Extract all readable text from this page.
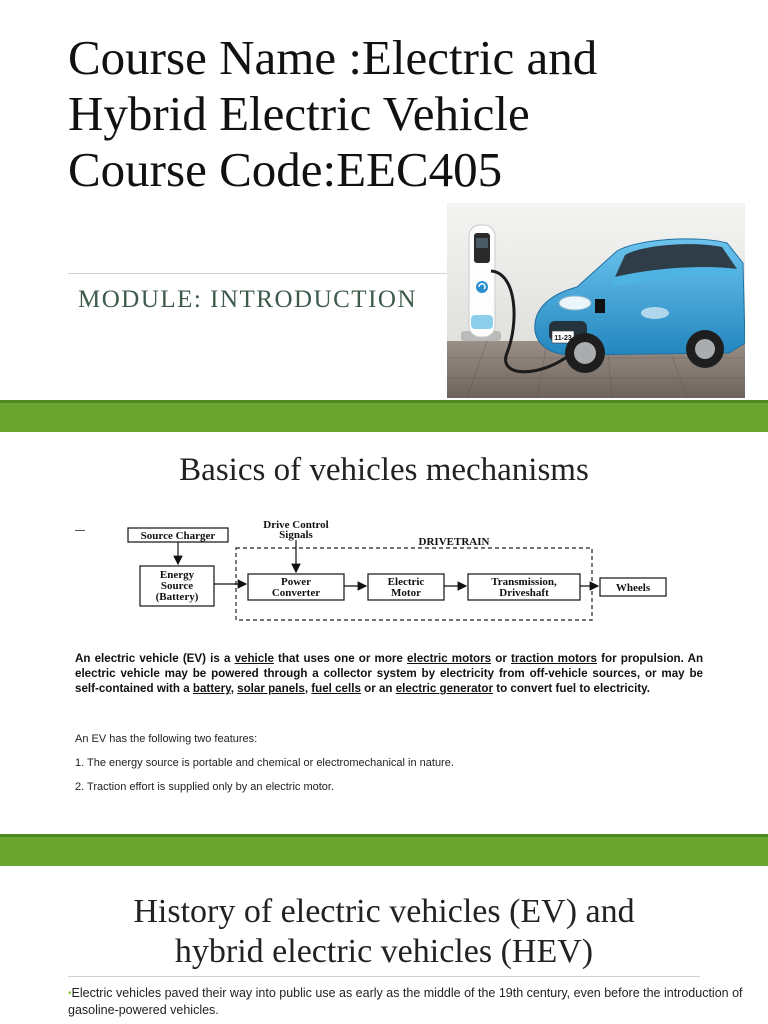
Course Name :Electric and
Hybrid Electric Vehicle
Course Code:EEC405
MODULE: INTRODUCTION
11-23
Basics of vehicles mechanisms
DRIVETRAIN
Source Charger
Energy
Source
(Battery)
Drive Control
Signals
Power
Converter
Electric
Motor
Transmission,
Driveshaft	Wheels

An electric vehicle (EV) is a vehicle that uses one or more electric motors or traction motors for propulsion. An electric vehicle may be powered through a collector system by electricity from off-vehicle sources, or may be self-contained with a battery, solar panels, fuel cells or an electric generator to convert fuel to electricity.

An EV has the following two features:

1. The energy source is portable and chemical or electromechanical in nature.

2. Traction effort is supplied only by an electric motor.

History of electric vehicles (EV) and
hybrid electric vehicles (HEV)

•Electric vehicles paved their way into public use as early as the middle of the 19th century, even before the introduction of gasoline-powered vehicles.
